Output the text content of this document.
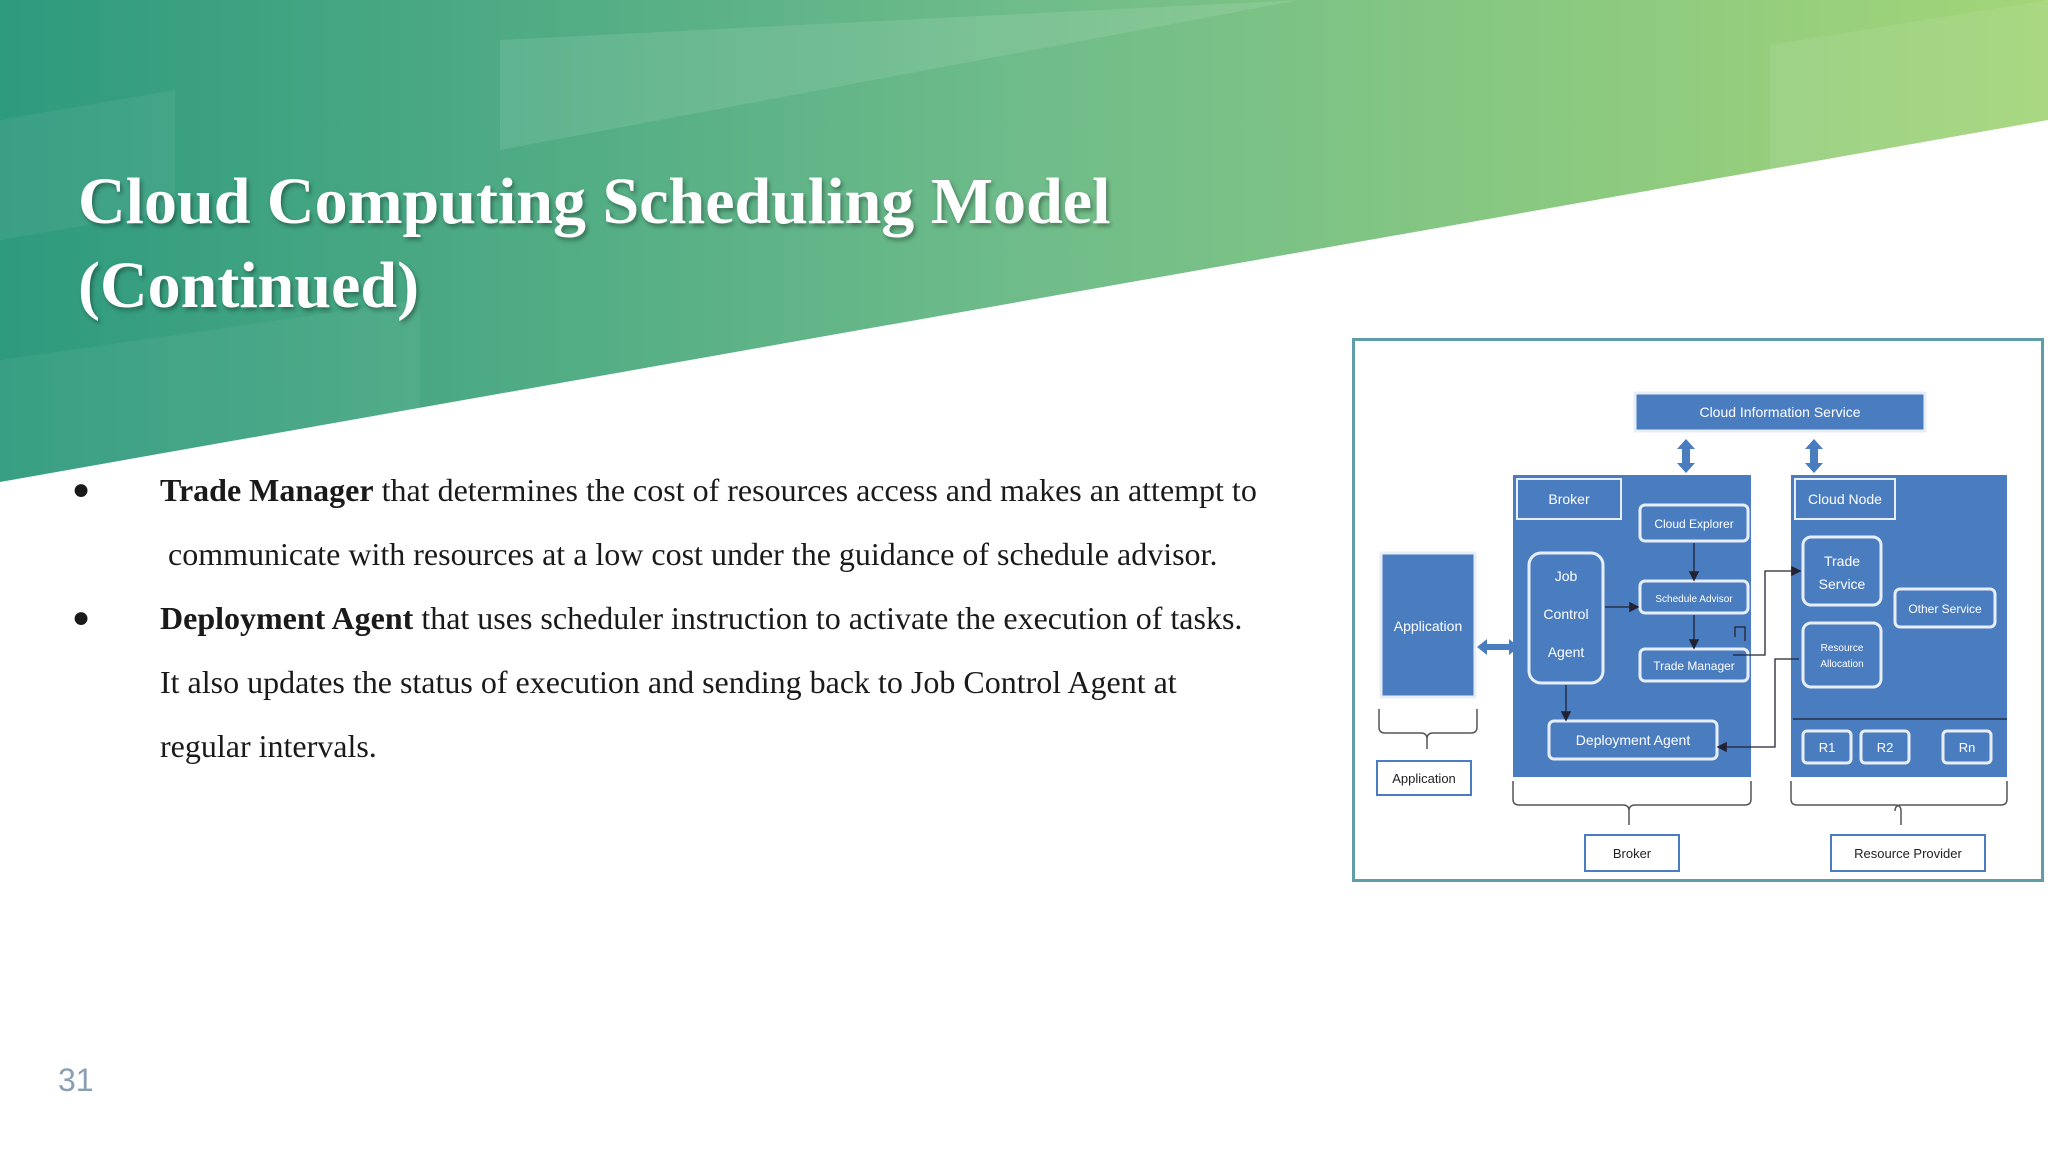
Cloud Computing Scheduling Model
(Continued)
● Trade Manager that determines the cost of resources access and makes an attempt to
communicate with resources at a low cost under the guidance of schedule advisor.
● Deployment Agent that uses scheduler instruction to activate the execution of tasks.
It also updates the status of execution and sending back to Job Control Agent at
regular intervals.
Cloud Information Service
Broker
Cloud Explorer
Job
Control
Agent
Schedule Advisor
Trade Manager
Deployment Agent
Application
Application
Cloud Node
Trade
Service
Other Service
Resource
Allocation
R1	R2	Rn
Broker	Resource Provider
31
